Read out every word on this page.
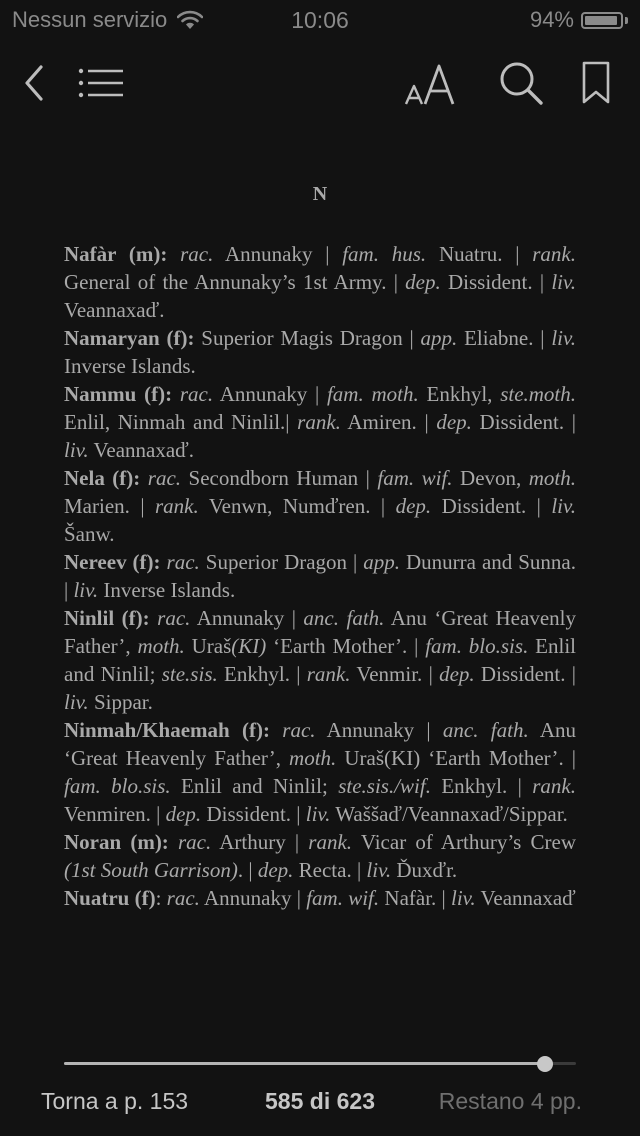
Nessun servizio	10:06	94%
N

Nafàr (m): rac. Annunaky | fam. hus. Nuatru. | rank. General of the Annunaky’s 1st Army. | dep. Dissident. | liv. Veannaxaď.

Namaryan (f): Superior Magis Dragon | app. Eliabne. | liv. Inverse Islands.

Nammu (f): rac. Annunaky | fam. moth. Enkhyl, ste.moth. Enlil, Ninmah and Ninlil.| rank. Amiren. | dep. Dissident. | liv. Veannaxaď.

Nela (f): rac. Secondborn Human | fam. wif. Devon, moth. Marien. | rank. Venwn, Numďren. | dep. Dissident. | liv. Šanw.

Nereev (f): rac. Superior Dragon | app. Dunurra and Sunna. | liv. Inverse Islands.

Ninlil (f): rac. Annunaky | anc. fath. Anu ‘Great Heavenly Father’, moth. Uraš(KI) ‘Earth Mother’. | fam. blo.sis. Enlil and Ninlil; ste.sis. Enkhyl. | rank. Venmir. | dep. Dissident. | liv. Sippar.

Ninmah/Khaemah (f): rac. Annunaky | anc. fath. Anu ‘Great Heavenly Father’, moth. Uraš(KI) ‘Earth Mother’. | fam. blo.sis. Enlil and Ninlil; ste.sis./wif. Enkhyl. | rank. Venmiren. | dep. Dissident. | liv. Waššaď/Veannaxaď/Sippar.

Noran (m): rac. Arthury | rank. Vicar of Arthury’s Crew (1st South Garrison). | dep. Recta. | liv. Ďuxďr.

Nuatru (f): rac. Annunaky | fam. wif. Nafàr. | liv. Veannaxaď

Torna a p. 153	585 di 623	Restano 4 pp.
